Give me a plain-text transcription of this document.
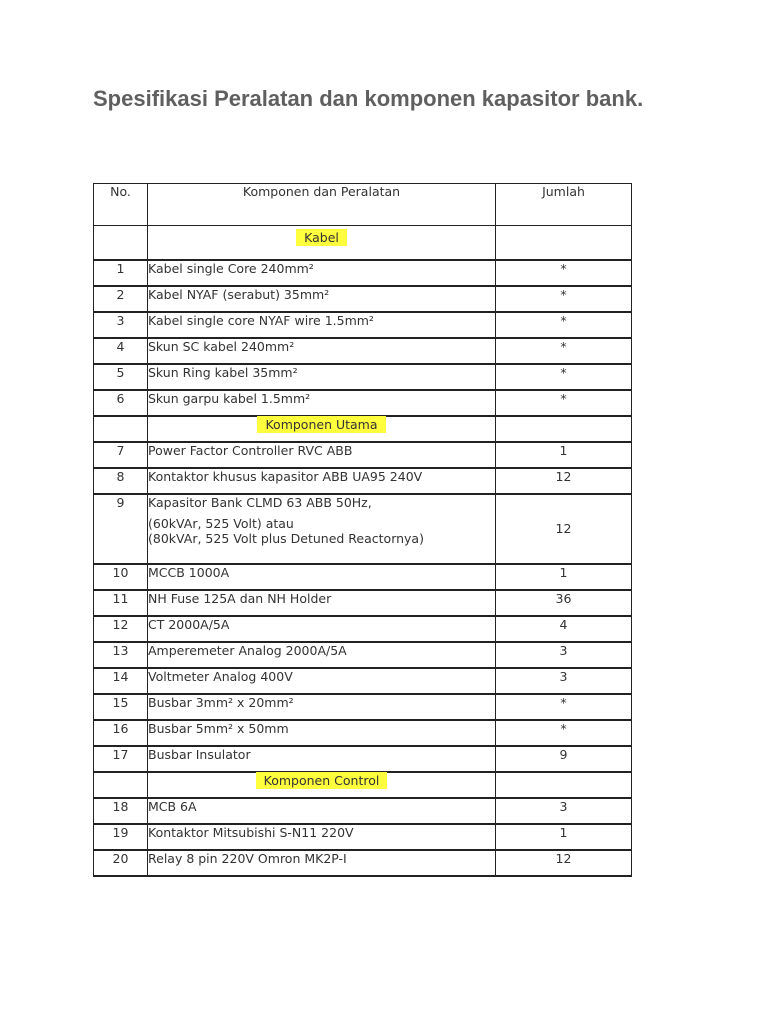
Spesifikasi Peralatan dan komponen kapasitor bank.
No.	Komponen dan Peralatan	Jumlah
	Kabel	
1	Kabel single Core 240mm²	*
2	Kabel NYAF (serabut) 35mm²	*
3	Kabel single core NYAF wire 1.5mm²	*
4	Skun SC kabel 240mm²	*
5	Skun Ring kabel 35mm²	*
6	Skun garpu kabel 1.5mm²	*
	Komponen Utama	
7	Power Factor Controller RVC ABB	1
8	Kontaktor khusus kapasitor ABB UA95 240V	12
9	Kapasitor Bank CLMD 63 ABB 50Hz,
(60kVAr, 525 Volt) atau
(80kVAr, 525 Volt plus Detuned Reactornya)	12
10	MCCB 1000A	1
11	NH Fuse 125A dan NH Holder	36
12	CT 2000A/5A	4
13	Amperemeter Analog 2000A/5A	3
14	Voltmeter Analog 400V	3
15	Busbar 3mm² x 20mm²	*
16	Busbar 5mm² x 50mm	*
17	Busbar Insulator	9
	Komponen Control	
18	MCB 6A	3
19	Kontaktor Mitsubishi S-N11 220V	1
20	Relay 8 pin 220V Omron MK2P-I	12
